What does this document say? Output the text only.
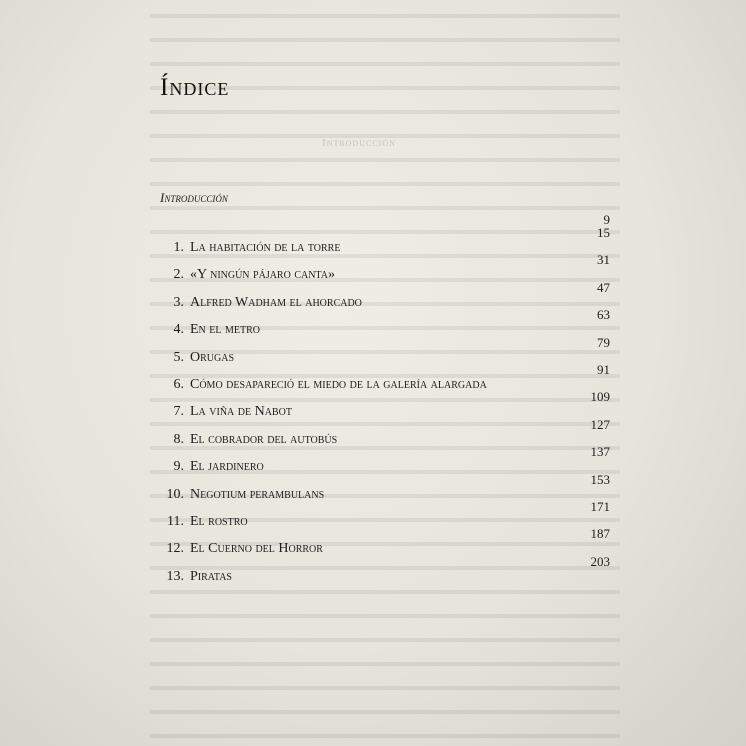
Introducción
Índice
Introducción
9
1. La habitación de la torre
15
2. «Y ningún pájaro canta»
31
3. Alfred Wadham el ahorcado
47
4. En el metro
63
5. Orugas
79
6. Cómo desapareció el miedo de la galería alargada
91
7. La viña de Nabot
109
8. El cobrador del autobús
127
9. El jardinero
137
10. Negotium perambulans
153
11. El rostro
171
12. El Cuerno del Horror
187
13. Piratas
203
